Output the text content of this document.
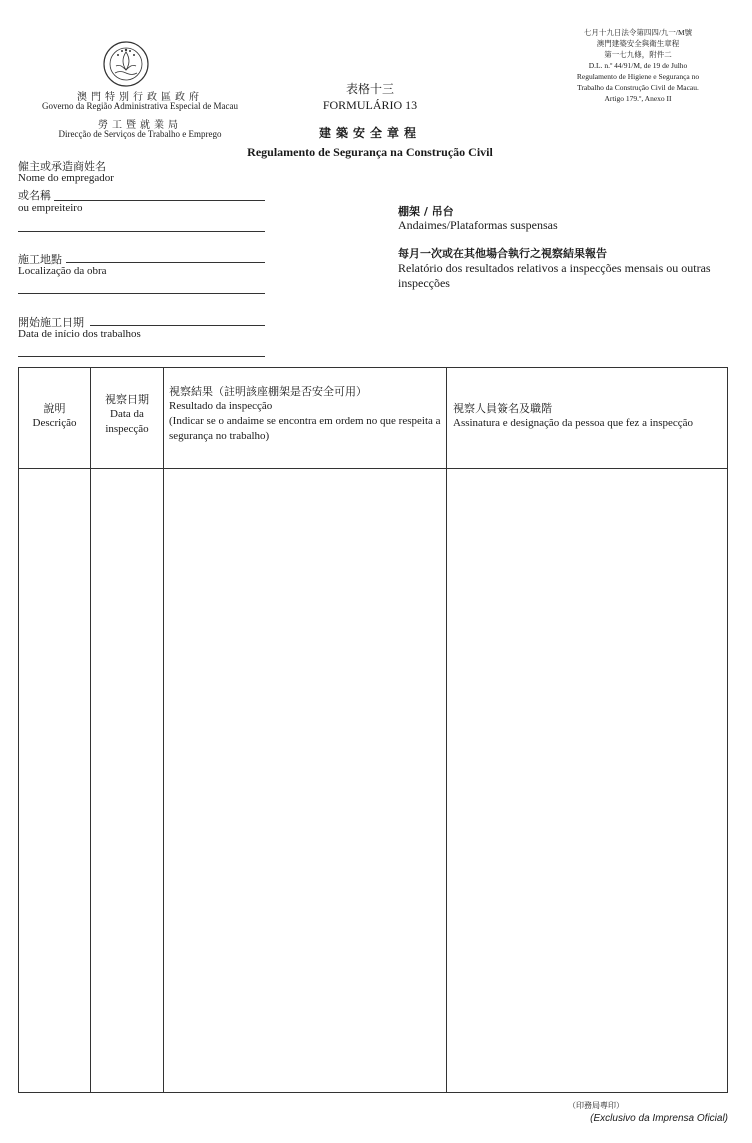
澳門特別行政區政府
Governo da Região Administrativa Especial de Macau
勞工暨就業局
Direcção de Serviços de Trabalho e Emprego
表格十三
FORMULÁRIO 13
建築安全章程
Regulamento de Segurança na Construção Civil
七月十九日法令第四四/九一/M號
澳門建築安全與衛生章程
第一七九條，附件二
D.L. n.º 44/91/M, de 19 de Julho
Regulamento de Higiene e Segurança no
Trabalho da Construção Civil de Macau.
Artigo 179.º, Anexo II
僱主或承造商姓名
Nome do empregador
或名稱
ou empreiteiro
施工地點
Localização da obra
開始施工日期
Data de início dos trabalhos
棚架 / 吊台
Andaimes/Plataformas suspensas
每月一次或在其他場合執行之視察結果報告
Relatório dos resultados relativos a inspecções mensais ou outras inspecções
說明
Descrição
視察日期
Data da inspecção
視察結果（註明該座棚架是否安全可用）
Resultado da inspecção
(Indicar se o andaime se encontra em ordem no que respeita a segurança no trabalho)
視察人員簽名及職階
Assinatura e designação da pessoa que fez a inspecção
（印務局專印）
(Exclusivo da Imprensa Oficial)
